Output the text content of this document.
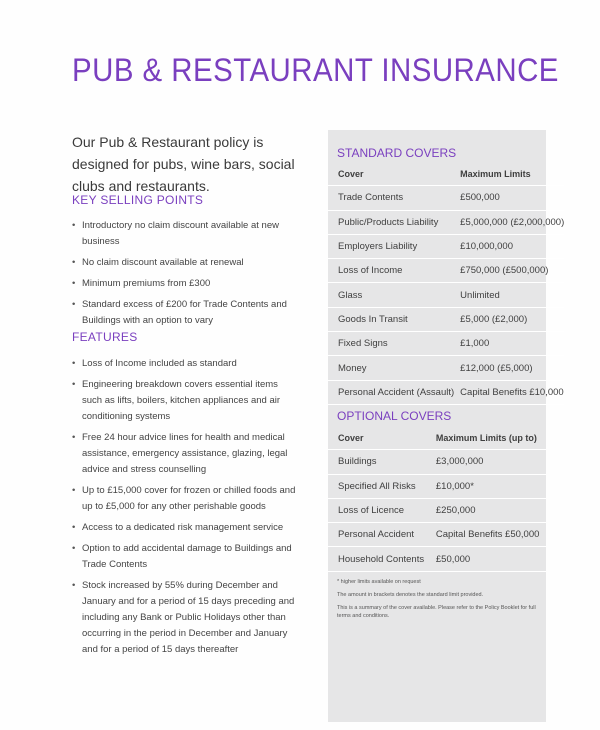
PUB & RESTAURANT INSURANCE
Our Pub & Restaurant policy is designed for pubs, wine bars, social clubs and restaurants.
KEY SELLING POINTS
• Introductory no claim discount available at new business
• No claim discount available at renewal
• Minimum premiums from £300
• Standard excess of £200 for Trade Contents and Buildings with an option to vary
FEATURES
• Loss of Income included as standard
• Engineering breakdown covers essential items such as lifts, boilers, kitchen appliances and air conditioning systems
• Free 24 hour advice lines for health and medical assistance, emergency assistance, glazing, legal advice and stress counselling
• Up to £15,000 cover for frozen or chilled foods and up to £5,000 for any other perishable goods
• Access to a dedicated risk management service
• Option to add accidental damage to Buildings and Trade Contents
• Stock increased by 55% during December and January and for a period of 15 days preceding and including any Bank or Public Holidays other than occurring in the period in December and January and for a period of 15 days thereafter
STANDARD COVERS
Cover	Maximum Limits
Trade Contents	£500,000
Public/Products Liability	£5,000,000 (£2,000,000)
Employers Liability	£10,000,000
Loss of Income	£750,000 (£500,000)
Glass	Unlimited
Goods In Transit	£5,000 (£2,000)
Fixed Signs	£1,000
Money	£12,000 (£5,000)
Personal Accident (Assault)	Capital Benefits £10,000
OPTIONAL COVERS
Cover	Maximum Limits (up to)
Buildings	£3,000,000
Specified All Risks	£10,000*
Loss of Licence	£250,000
Personal Accident	Capital Benefits £50,000
Household Contents	£50,000

* higher limits available on request

The amount in brackets denotes the standard limit provided.

This is a summary of the cover available. Please refer to the Policy Booklet for full terms and conditions.
